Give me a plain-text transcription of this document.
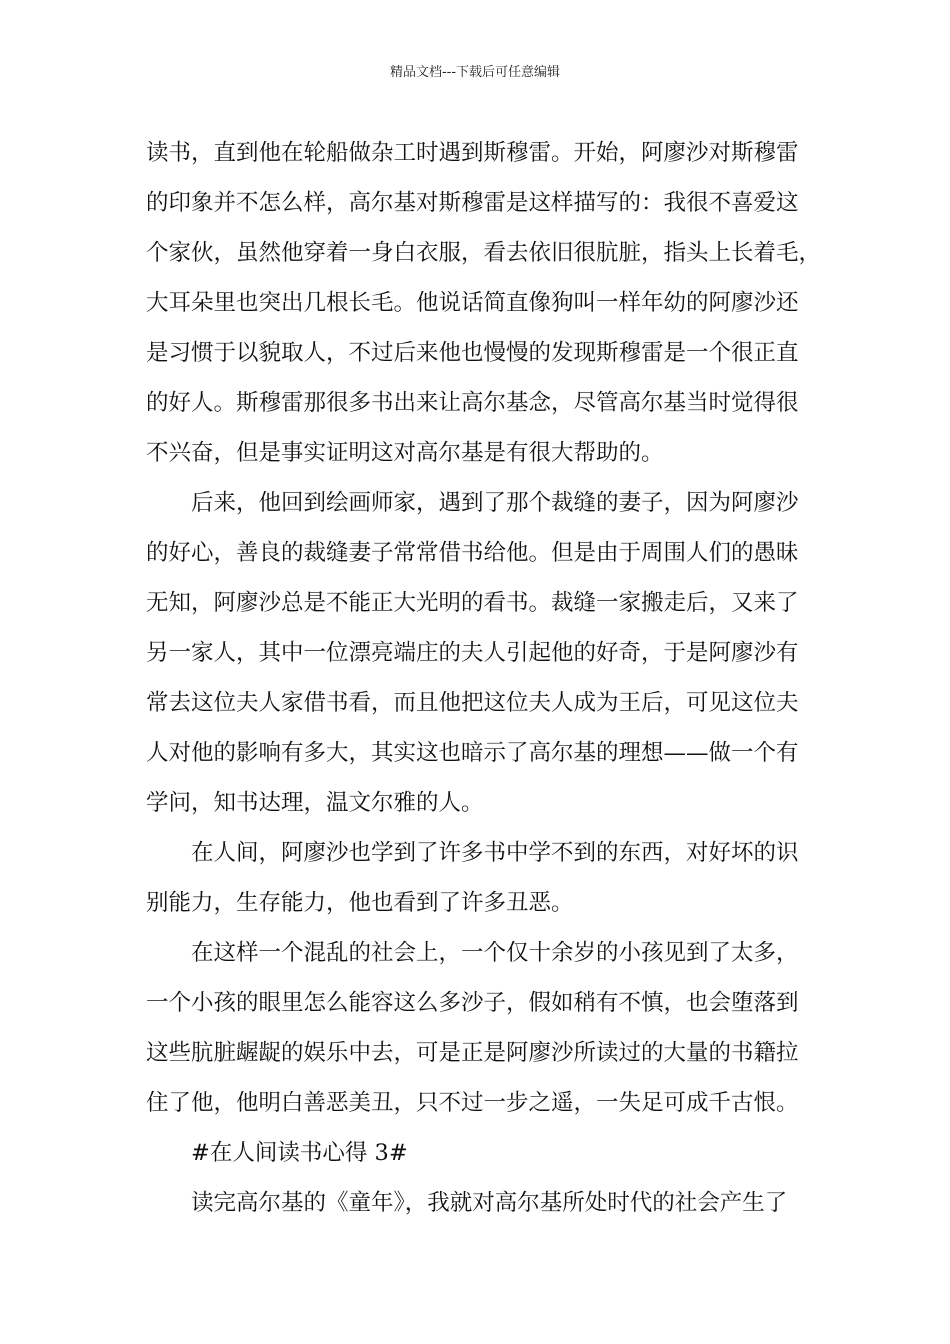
精品文档---下载后可任意编辑
读书，直到他在轮船做杂工时遇到斯穆雷。开始，阿廖沙对斯穆雷
的印象并不怎么样，高尔基对斯穆雷是这样描写的：我很不喜爱这
个家伙，虽然他穿着一身白衣服，看去依旧很肮脏，指头上长着毛，
大耳朵里也突出几根长毛。他说话简直像狗叫一样年幼的阿廖沙还
是习惯于以貌取人，不过后来他也慢慢的发现斯穆雷是一个很正直
的好人。斯穆雷那很多书出来让高尔基念，尽管高尔基当时觉得很
不兴奋，但是事实证明这对高尔基是有很大帮助的。
后来，他回到绘画师家，遇到了那个裁缝的妻子，因为阿廖沙
的好心，善良的裁缝妻子常常借书给他。但是由于周围人们的愚昧
无知，阿廖沙总是不能正大光明的看书。裁缝一家搬走后，又来了
另一家人，其中一位漂亮端庄的夫人引起他的好奇，于是阿廖沙有
常去这位夫人家借书看，而且他把这位夫人成为王后，可见这位夫
人对他的影响有多大，其实这也暗示了高尔基的理想——做一个有
学问，知书达理，温文尔雅的人。
在人间，阿廖沙也学到了许多书中学不到的东西，对好坏的识
别能力，生存能力，他也看到了许多丑恶。
在这样一个混乱的社会上，一个仅十余岁的小孩见到了太多，
一个小孩的眼里怎么能容这么多沙子，假如稍有不慎，也会堕落到
这些肮脏龌龊的娱乐中去，可是正是阿廖沙所读过的大量的书籍拉
住了他，他明白善恶美丑，只不过一步之遥，一失足可成千古恨。
#在人间读书心得 3#
读完高尔基的《童年》，我就对高尔基所处时代的社会产生了
